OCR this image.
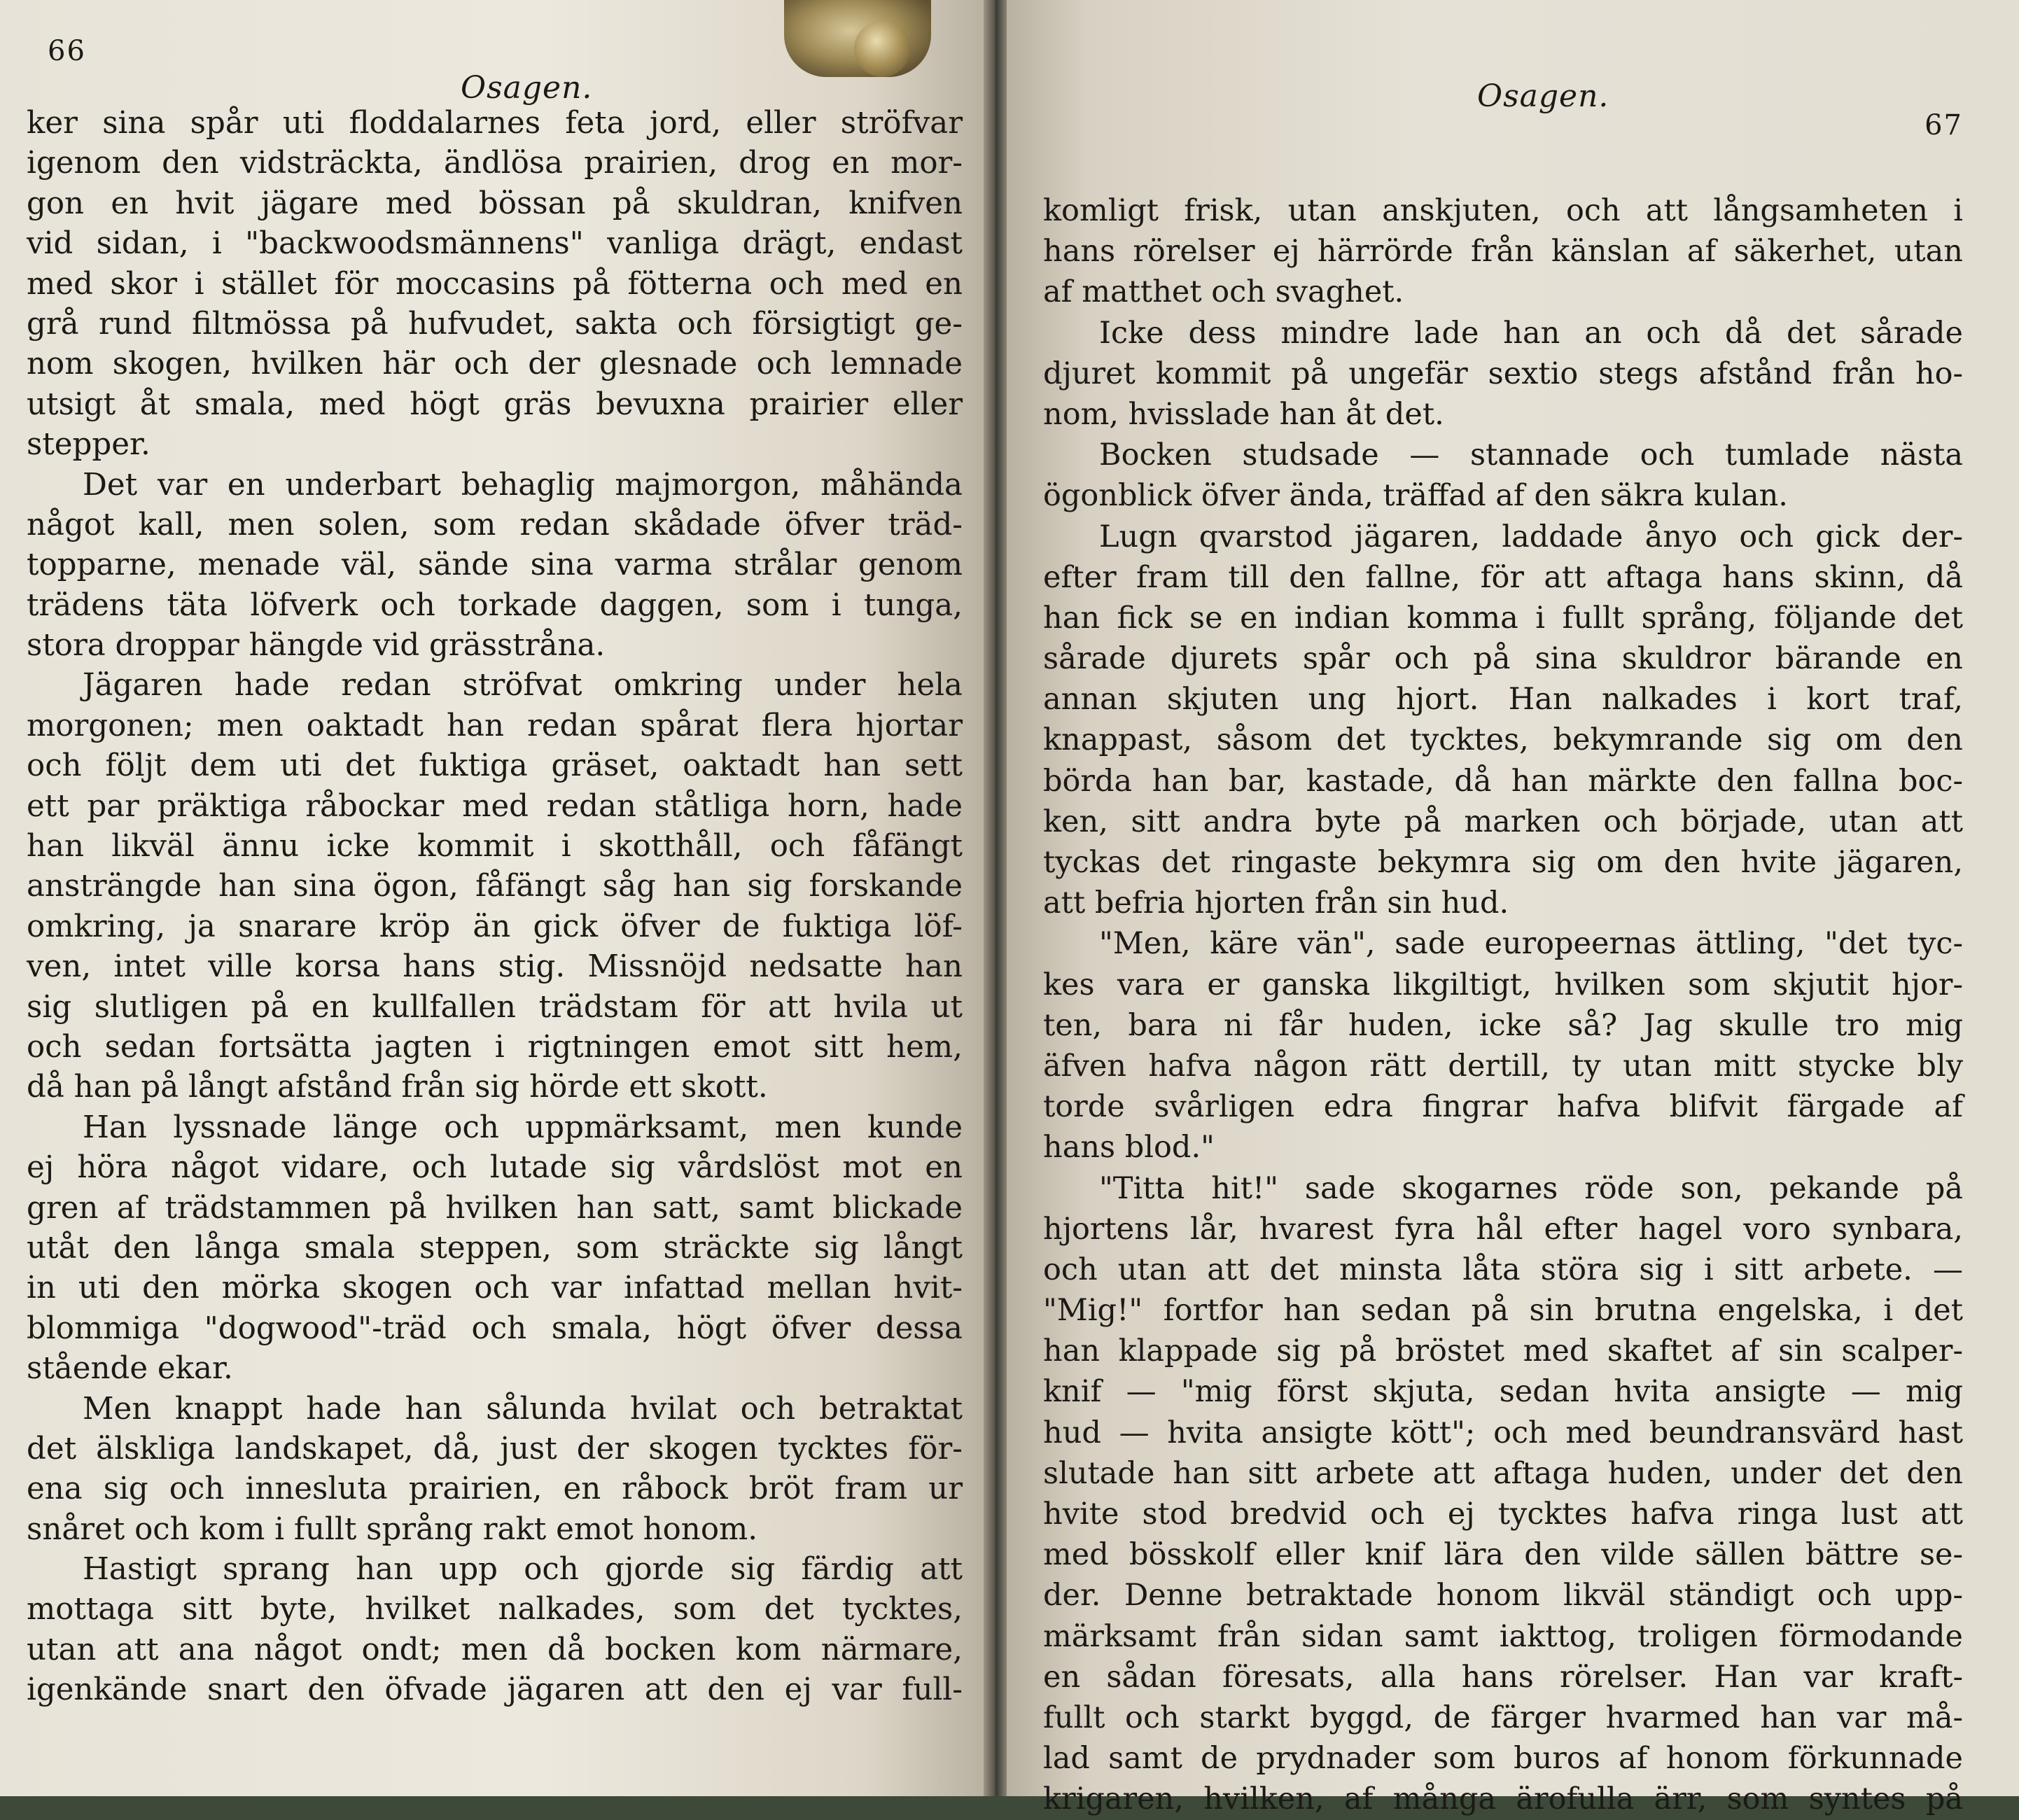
66
Osagen.
ker sina spår uti floddalarnes feta jord, eller ströfvar
igenom den vidsträckta, ändlösa prairien, drog en mor-
gon en hvit jägare med bössan på skuldran, knifven
vid sidan, i "backwoodsmännens" vanliga drägt, endast
med skor i stället för moccasins på fötterna och med en
grå rund filtmössa på hufvudet, sakta och försigtigt ge-
nom skogen, hvilken här och der glesnade och lemnade
utsigt åt smala, med högt gräs bevuxna prairier eller
stepper.
Det var en underbart behaglig majmorgon, måhända
något kall, men solen, som redan skådade öfver träd-
topparne, menade väl, sände sina varma strålar genom
trädens täta löfverk och torkade daggen, som i tunga,
stora droppar hängde vid grässtråna.
Jägaren hade redan ströfvat omkring under hela
morgonen; men oaktadt han redan spårat flera hjortar
och följt dem uti det fuktiga gräset, oaktadt han sett
ett par präktiga råbockar med redan ståtliga horn, hade
han likväl ännu icke kommit i skotthåll, och fåfängt
ansträngde han sina ögon, fåfängt såg han sig forskande
omkring, ja snarare kröp än gick öfver de fuktiga löf-
ven, intet ville korsa hans stig. Missnöjd nedsatte han
sig slutligen på en kullfallen trädstam för att hvila ut
och sedan fortsätta jagten i rigtningen emot sitt hem,
då han på långt afstånd från sig hörde ett skott.
Han lyssnade länge och uppmärksamt, men kunde
ej höra något vidare, och lutade sig vårdslöst mot en
gren af trädstammen på hvilken han satt, samt blickade
utåt den långa smala steppen, som sträckte sig långt
in uti den mörka skogen och var infattad mellan hvit-
blommiga "dogwood"-träd och smala, högt öfver dessa
stående ekar.
Men knappt hade han sålunda hvilat och betraktat
det älskliga landskapet, då, just der skogen tycktes för-
ena sig och innesluta prairien, en råbock bröt fram ur
snåret och kom i fullt språng rakt emot honom.
Hastigt sprang han upp och gjorde sig färdig att
mottaga sitt byte, hvilket nalkades, som det tycktes,
utan att ana något ondt; men då bocken kom närmare,
igenkände snart den öfvade jägaren att den ej var full-
Osagen.
67
komligt frisk, utan anskjuten, och att långsamheten i
hans rörelser ej härrörde från känslan af säkerhet, utan
af matthet och svaghet.
Icke dess mindre lade han an och då det sårade
djuret kommit på ungefär sextio stegs afstånd från ho-
nom, hvisslade han åt det.
Bocken studsade — stannade och tumlade nästa
ögonblick öfver ända, träffad af den säkra kulan.
Lugn qvarstod jägaren, laddade ånyo och gick der-
efter fram till den fallne, för att aftaga hans skinn, då
han fick se en indian komma i fullt språng, följande det
sårade djurets spår och på sina skuldror bärande en
annan skjuten ung hjort. Han nalkades i kort traf,
knappast, såsom det tycktes, bekymrande sig om den
börda han bar, kastade, då han märkte den fallna boc-
ken, sitt andra byte på marken och började, utan att
tyckas det ringaste bekymra sig om den hvite jägaren,
att befria hjorten från sin hud.
"Men, käre vän", sade europeernas ättling, "det tyc-
kes vara er ganska likgiltigt, hvilken som skjutit hjor-
ten, bara ni får huden, icke så? Jag skulle tro mig
äfven hafva någon rätt dertill, ty utan mitt stycke bly
torde svårligen edra fingrar hafva blifvit färgade af
hans blod."
"Titta hit!" sade skogarnes röde son, pekande på
hjortens lår, hvarest fyra hål efter hagel voro synbara,
och utan att det minsta låta störa sig i sitt arbete. —
"Mig!" fortfor han sedan på sin brutna engelska, i det
han klappade sig på bröstet med skaftet af sin scalper-
knif — "mig först skjuta, sedan hvita ansigte — mig
hud — hvita ansigte kött"; och med beundransvärd hast
slutade han sitt arbete att aftaga huden, under det den
hvite stod bredvid och ej tycktes hafva ringa lust att
med bösskolf eller knif lära den vilde sällen bättre se-
der. Denne betraktade honom likväl ständigt och upp-
märksamt från sidan samt iakttog, troligen förmodande
en sådan föresats, alla hans rörelser. Han var kraft-
fullt och starkt byggd, de färger hvarmed han var må-
lad samt de prydnader som buros af honom förkunnade
krigaren, hvilken, af många ärofulla ärr, som syntes på
